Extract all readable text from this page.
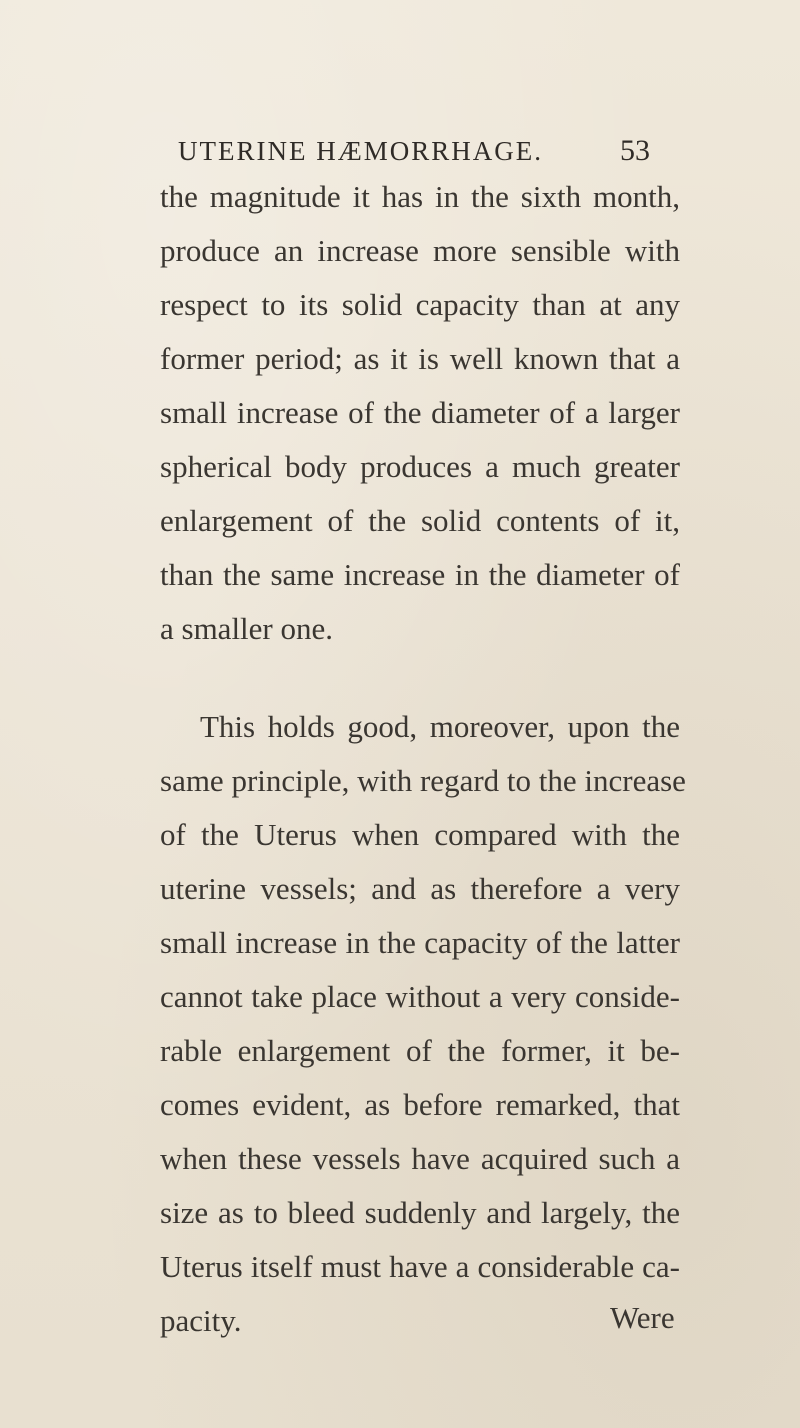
UTERINE HÆMORRHAGE.	53
the magnitude it has in the sixth month,
produce an increase more sensible with
respect to its solid capacity than at any
former period; as it is well known that a
small increase of the diameter of a larger
spherical body produces a much greater
enlargement of the solid contents of it,
than the same increase in the diameter of
a smaller one.
This holds good, moreover, upon the
same principle, with regard to the increase
of the Uterus when compared with the
uterine vessels; and as therefore a very
small increase in the capacity of the latter
cannot take place without a very conside-
rable enlargement of the former, it be-
comes evident, as before remarked, that
when these vessels have acquired such a
size as to bleed suddenly and largely, the
Uterus itself must have a considerable ca-
pacity.	Were
